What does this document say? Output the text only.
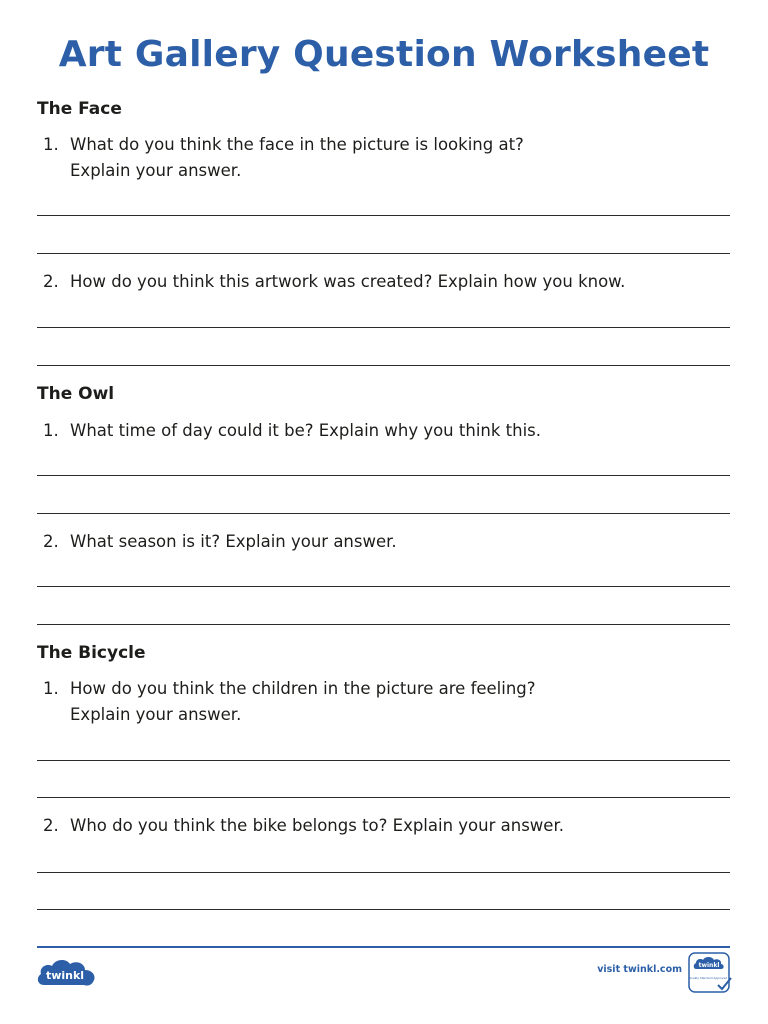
Art Gallery Question Worksheet
The Face
1. What do you think the face in the picture is looking at?
Explain your answer.
2. How do you think this artwork was created? Explain how you know.
The Owl
1. What time of day could it be? Explain why you think this.
2. What season is it? Explain your answer.
The Bicycle
1. How do you think the children in the picture are feeling?
Explain your answer.
2. Who do you think the bike belongs to? Explain your answer.
twinkl	visit twinkl.com	twinkl
Quality Standard Approved
